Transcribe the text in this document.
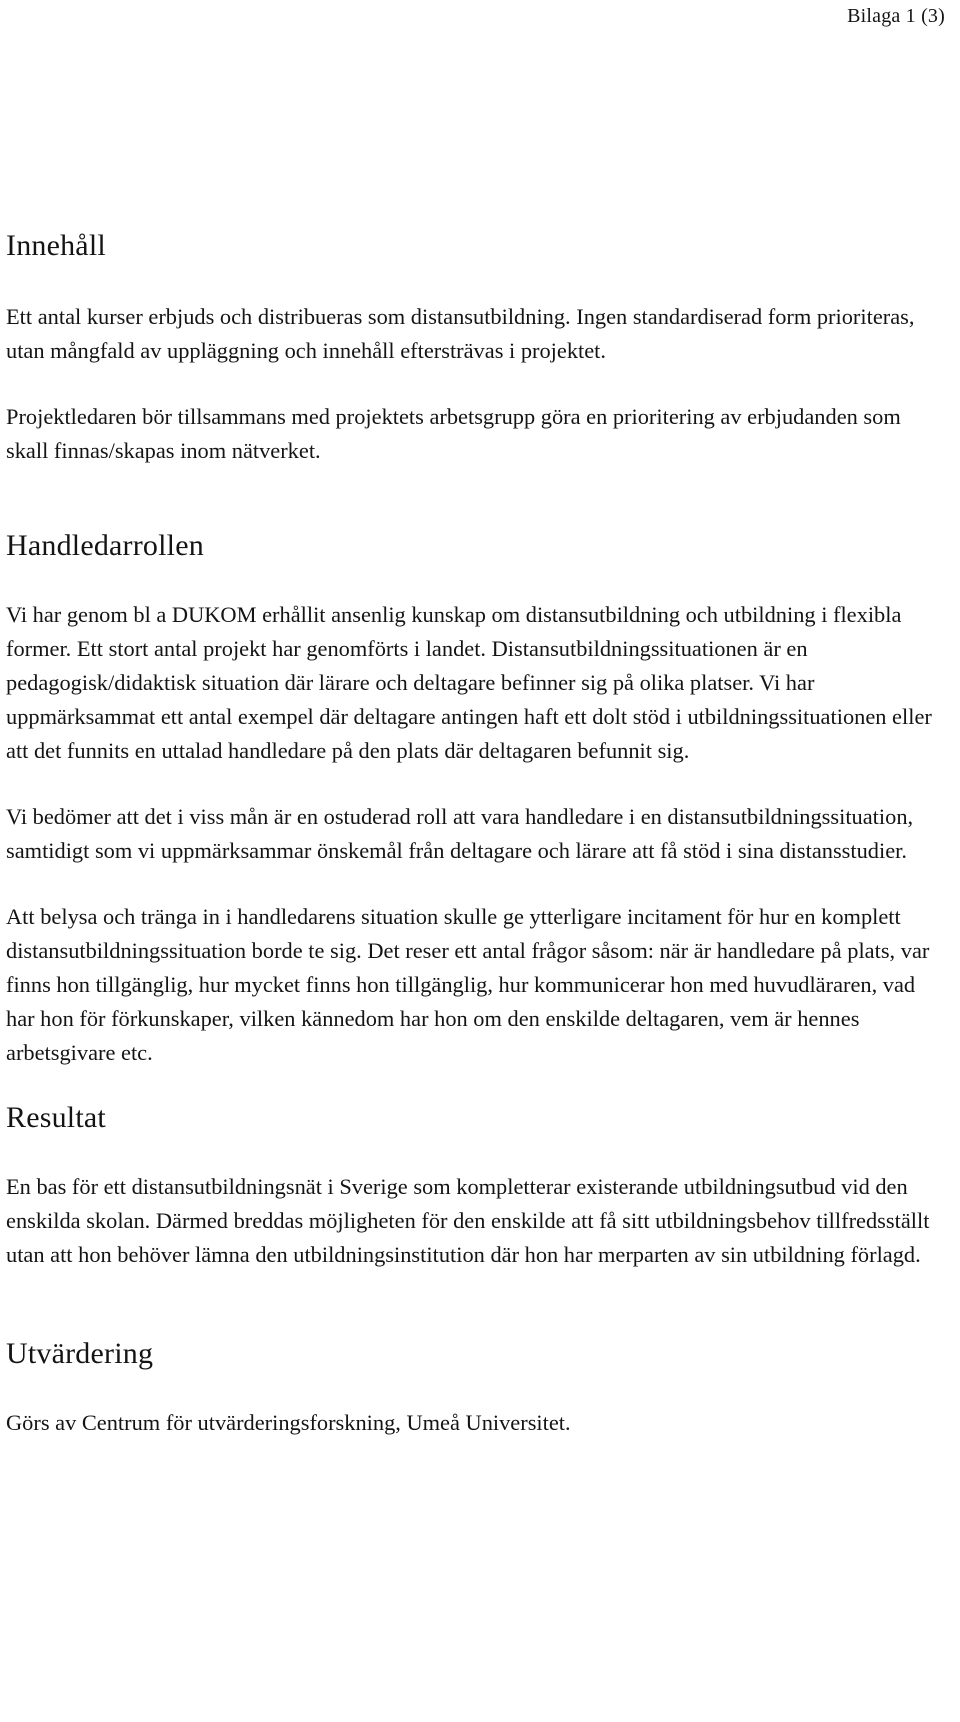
Bilaga 1 (3)
Innehåll

Ett antal kurser erbjuds och distribueras som distansutbildning. Ingen standardiserad form prioriteras, utan mångfald av uppläggning och innehåll eftersträvas i projektet.

Projektledaren bör tillsammans med projektets arbetsgrupp göra en prioritering av erbjudanden som skall finnas/skapas inom nätverket.

Handledarrollen

Vi har genom bl a DUKOM erhållit ansenlig kunskap om distansutbildning och utbildning i flexibla former. Ett stort antal projekt har genomförts i landet. Distansutbildningssituationen är en pedagogisk/didaktisk situation där lärare och deltagare befinner sig på olika platser. Vi har uppmärksammat ett antal exempel där deltagare antingen haft ett dolt stöd i utbildningssituationen eller att det funnits en uttalad handledare på den plats där deltagaren befunnit sig.

Vi bedömer att det i viss mån är en ostuderad roll att vara handledare i en distansutbildningssituation, samtidigt som vi uppmärksammar önskemål från deltagare och lärare att få stöd i sina distansstudier.

Att belysa och tränga in i handledarens situation skulle ge ytterligare incitament för hur en komplett distansutbildningssituation borde te sig. Det reser ett antal frågor såsom: när är handledare på plats, var finns hon tillgänglig, hur mycket finns hon tillgänglig, hur kommunicerar hon med huvudläraren, vad har hon för förkunskaper, vilken kännedom har hon om den enskilde deltagaren, vem är hennes arbetsgivare etc.

Resultat

En bas för ett distansutbildningsnät i Sverige som kompletterar existerande utbildningsutbud vid den enskilda skolan. Därmed breddas möjligheten för den enskilde att få sitt utbildningsbehov tillfredsställt utan att hon behöver lämna den utbildningsinstitution där hon har merparten av sin utbildning förlagd.

Utvärdering

Görs av Centrum för utvärderingsforskning, Umeå Universitet.
